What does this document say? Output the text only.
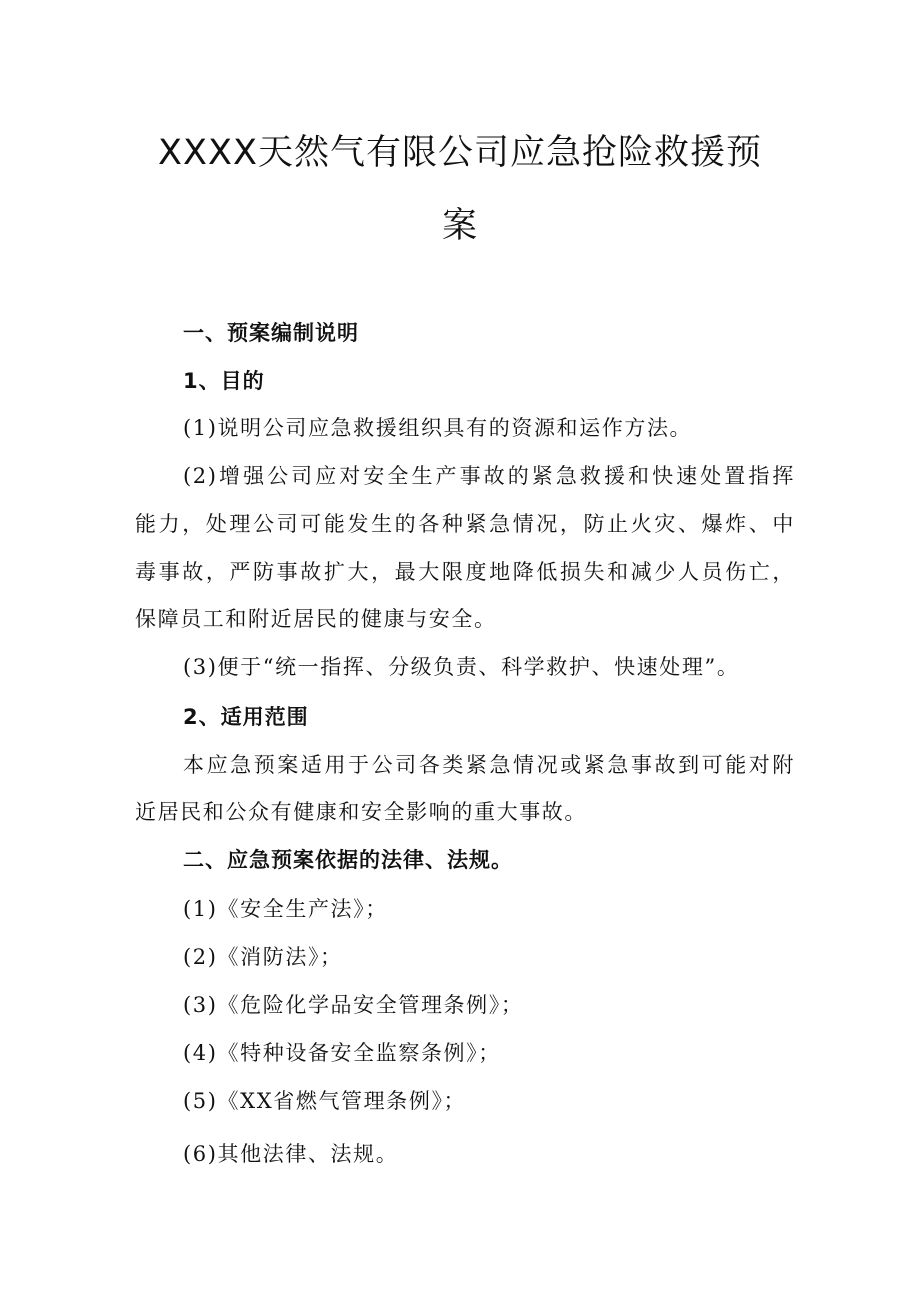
XXXX天然气有限公司应急抢险救援预
案
一、预案编制说明
1、目的
(1)说明公司应急救援组织具有的资源和运作方法。
(2)增强公司应对安全生产事故的紧急救援和快速处置指挥
能力，处理公司可能发生的各种紧急情况，防止火灾、爆炸、中
毒事故，严防事故扩大，最大限度地降低损失和减少人员伤亡，
保障员工和附近居民的健康与安全。
(3)便于“统一指挥、分级负责、科学救护、快速处理”。
2、适用范围
本应急预案适用于公司各类紧急情况或紧急事故到可能对附
近居民和公众有健康和安全影响的重大事故。
二、应急预案依据的法律、法规。
(1)《安全生产法》；
(2)《消防法》；
(3)《危险化学品安全管理条例》；
(4)《特种设备安全监察条例》；
(5)《XX省燃气管理条例》；
(6)其他法律、法规。
